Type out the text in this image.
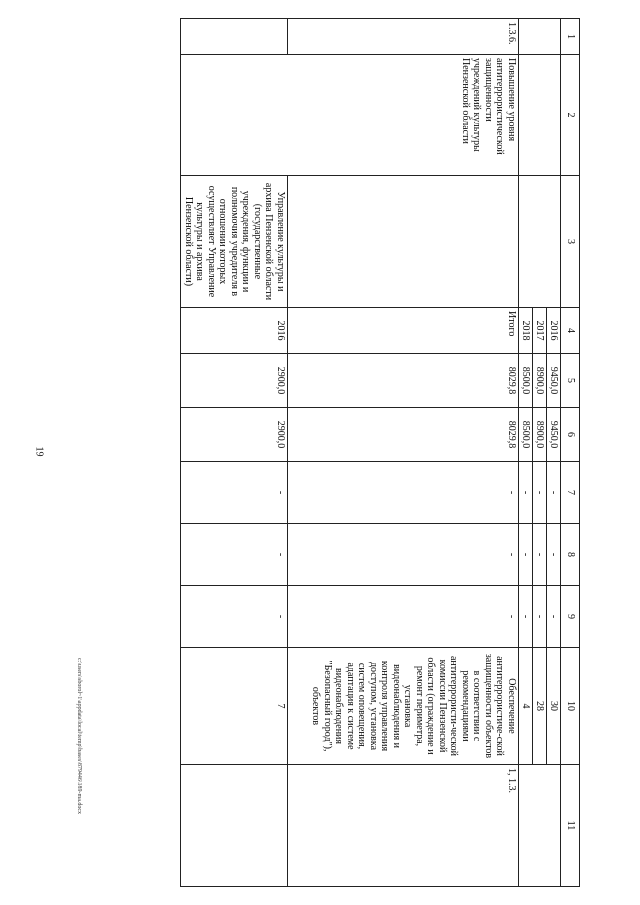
19
1	2	3	4	5	6	7	8	9	10	11
			2016	9450,0	9450,0	-	-	-	30	
			2017	8900,0	8900,0	-	-	-	28	
			2018	8500,0	8500,0	-	-	-	4	
1.3.6.	Повышение уровня антитеррористической защищенности учреждений культуры Пензенской области		Итого	8029,8	8029,8	-	-	-	Обеспечение антитеррористиче-ской защищенности объектов в соответствии с рекомендациями антитеррористи-ческой комиссии Пензенской области (ограждение и ремонт периметра, установка видеонаблюдения и контроля управления доступом, установка систем оповещения, адаптация к системе видеонаблюдения "Безопасный город"), объектов	1, 1.3.
		Управление культуры и архива Пензенской области (государственные учреждения, функции и полномочия учредителя в отношении которых осуществляет Управление культуры и архива Пензенской области)	2016	2900,0	2900,0	-	-	-	7	
c:\users\sborol~1\appdata\local\temp\bases\879446\189-ma.docx
